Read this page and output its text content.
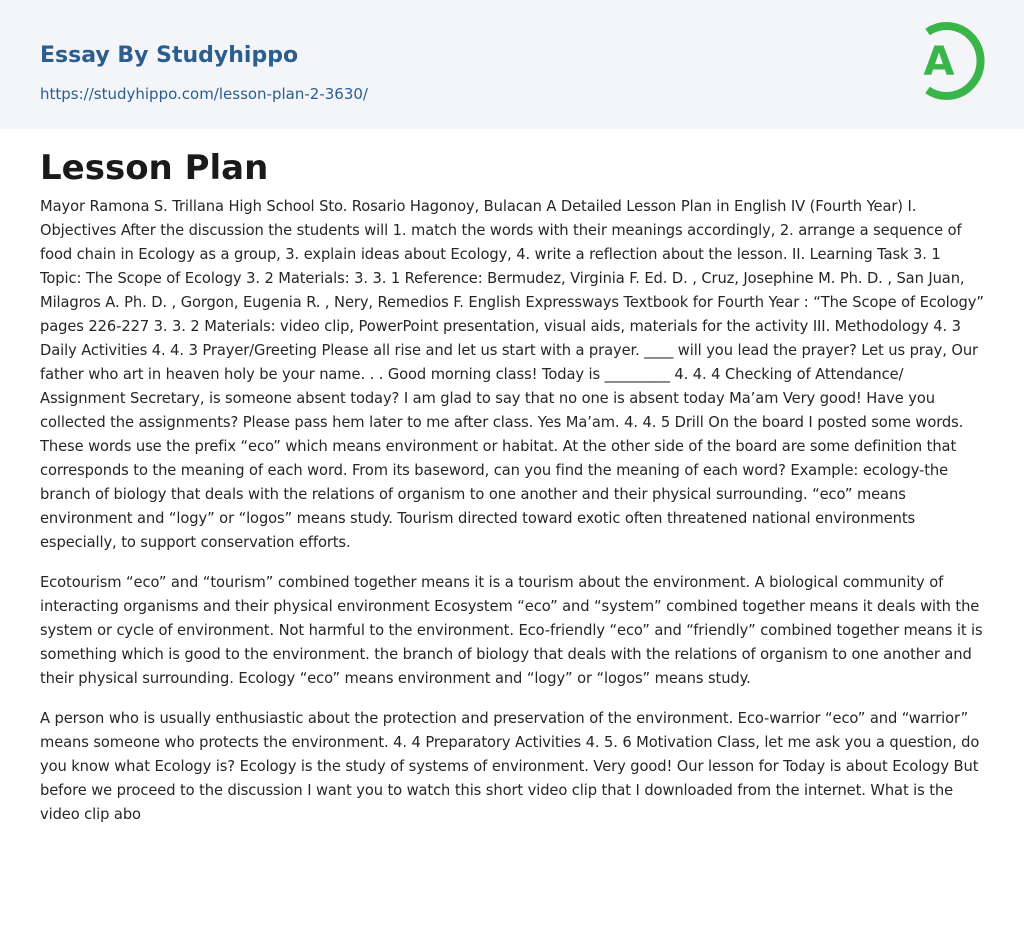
Essay By Studyhippo
https://studyhippo.com/lesson-plan-2-3630/
A
Lesson Plan

Mayor Ramona S. Trillana High School Sto. Rosario Hagonoy, Bulacan A Detailed Lesson Plan in English IV (Fourth Year) I. Objectives After the discussion the students will 1. match the words with their meanings accordingly, 2. arrange a sequence of food chain in Ecology as a group, 3. explain ideas about Ecology, 4. write a reflection about the lesson. II. Learning Task 3. 1 Topic: The Scope of Ecology 3. 2 Materials: 3. 3. 1 Reference: Bermudez, Virginia F. Ed. D. , Cruz, Josephine M. Ph. D. , San Juan, Milagros A. Ph. D. , Gorgon, Eugenia R. , Nery, Remedios F. English Expressways Textbook for Fourth Year : “The Scope of Ecology” pages 226-227 3. 3. 2 Materials: video clip, PowerPoint presentation, visual aids, materials for the activity III. Methodology 4. 3 Daily Activities 4. 4. 3 Prayer/Greeting Please all rise and let us start with a prayer. ____ will you lead the prayer? Let us pray, Our father who art in heaven holy be your name. . . Good morning class! Today is _________ 4. 4. 4 Checking of Attendance/ Assignment Secretary, is someone absent today? I am glad to say that no one is absent today Ma’am Very good! Have you collected the assignments? Please pass hem later to me after class. Yes Ma’am. 4. 4. 5 Drill On the board I posted some words. These words use the prefix “eco” which means environment or habitat. At the other side of the board are some definition that corresponds to the meaning of each word. From its baseword, can you find the meaning of each word? Example: ecology-the branch of biology that deals with the relations of organism to one another and their physical surrounding. “eco” means environment and “logy” or “logos” means study. Tourism directed toward exotic often threatened national environments especially, to support conservation efforts.

Ecotourism “eco” and “tourism” combined together means it is a tourism about the environment. A biological community of interacting organisms and their physical environment Ecosystem “eco” and “system” combined together means it deals with the system or cycle of environment. Not harmful to the environment. Eco-friendly “eco” and “friendly” combined together means it is something which is good to the environment. the branch of biology that deals with the relations of organism to one another and their physical surrounding. Ecology “eco” means environment and “logy” or “logos” means study.

A person who is usually enthusiastic about the protection and preservation of the environment. Eco-warrior “eco” and “warrior” means someone who protects the environment. 4. 4 Preparatory Activities 4. 5. 6 Motivation Class, let me ask you a question, do you know what Ecology is? Ecology is the study of systems of environment. Very good! Our lesson for Today is about Ecology But before we proceed to the discussion I want you to watch this short video clip that I downloaded from the internet. What is the video clip abo
